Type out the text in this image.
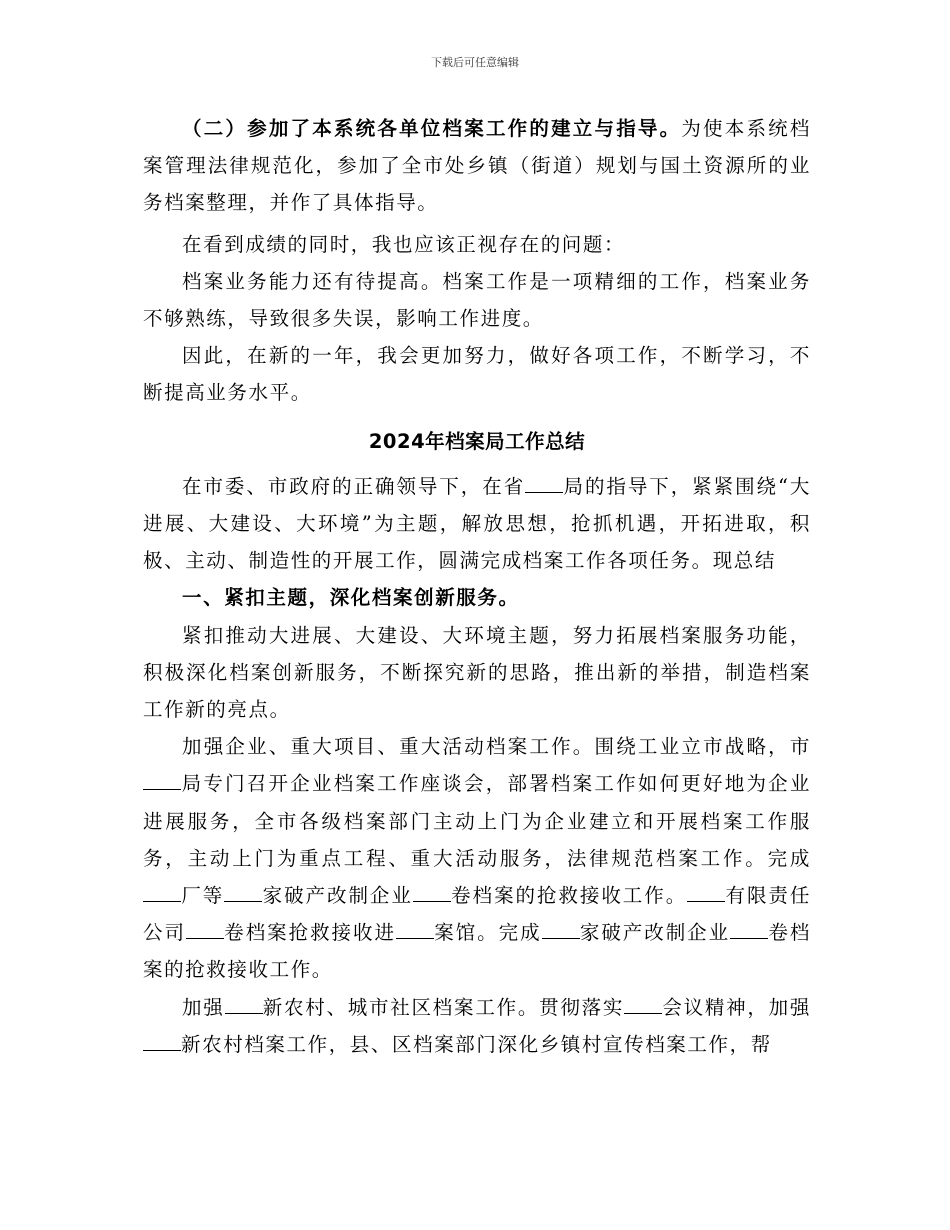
下载后可任意编辑

（二）参加了本系统各单位档案工作的建立与指导。为使本系统档案管理法律规范化，参加了全市处乡镇（街道）规划与国土资源所的业务档案整理，并作了具体指导。

在看到成绩的同时，我也应该正视存在的问题：

档案业务能力还有待提高。档案工作是一项精细的工作，档案业务不够熟练，导致很多失误，影响工作进度。

因此，在新的一年，我会更加努力，做好各项工作，不断学习，不断提高业务水平。

2024年档案局工作总结

在市委、市政府的正确领导下，在省 局的指导下，紧紧围绕“大进展、大建设、大环境”为主题，解放思想，抢抓机遇，开拓进取，积极、主动、制造性的开展工作，圆满完成档案工作各项任务。现总结

一、紧扣主题，深化档案创新服务。

紧扣推动大进展、大建设、大环境主题，努力拓展档案服务功能，积极深化档案创新服务，不断探究新的思路，推出新的举措，制造档案工作新的亮点。

加强企业、重大项目、重大活动档案工作。围绕工业立市战略，市局专门召开企业档案工作座谈会，部署档案工作如何更好地为企业进展服务，全市各级档案部门主动上门为企业建立和开展档案工作服务，主动上门为重点工程、重大活动服务，法律规范档案工作。完成厂等 家破产改制企业 卷档案的抢救接收工作。 有限责任公司 卷档案抢救接收进 案馆。完成 家破产改制企业 卷档案的抢救接收工作。

加强 新农村、城市社区档案工作。贯彻落实 会议精神，加强新农村档案工作，县、区档案部门深化乡镇村宣传档案工作，帮
